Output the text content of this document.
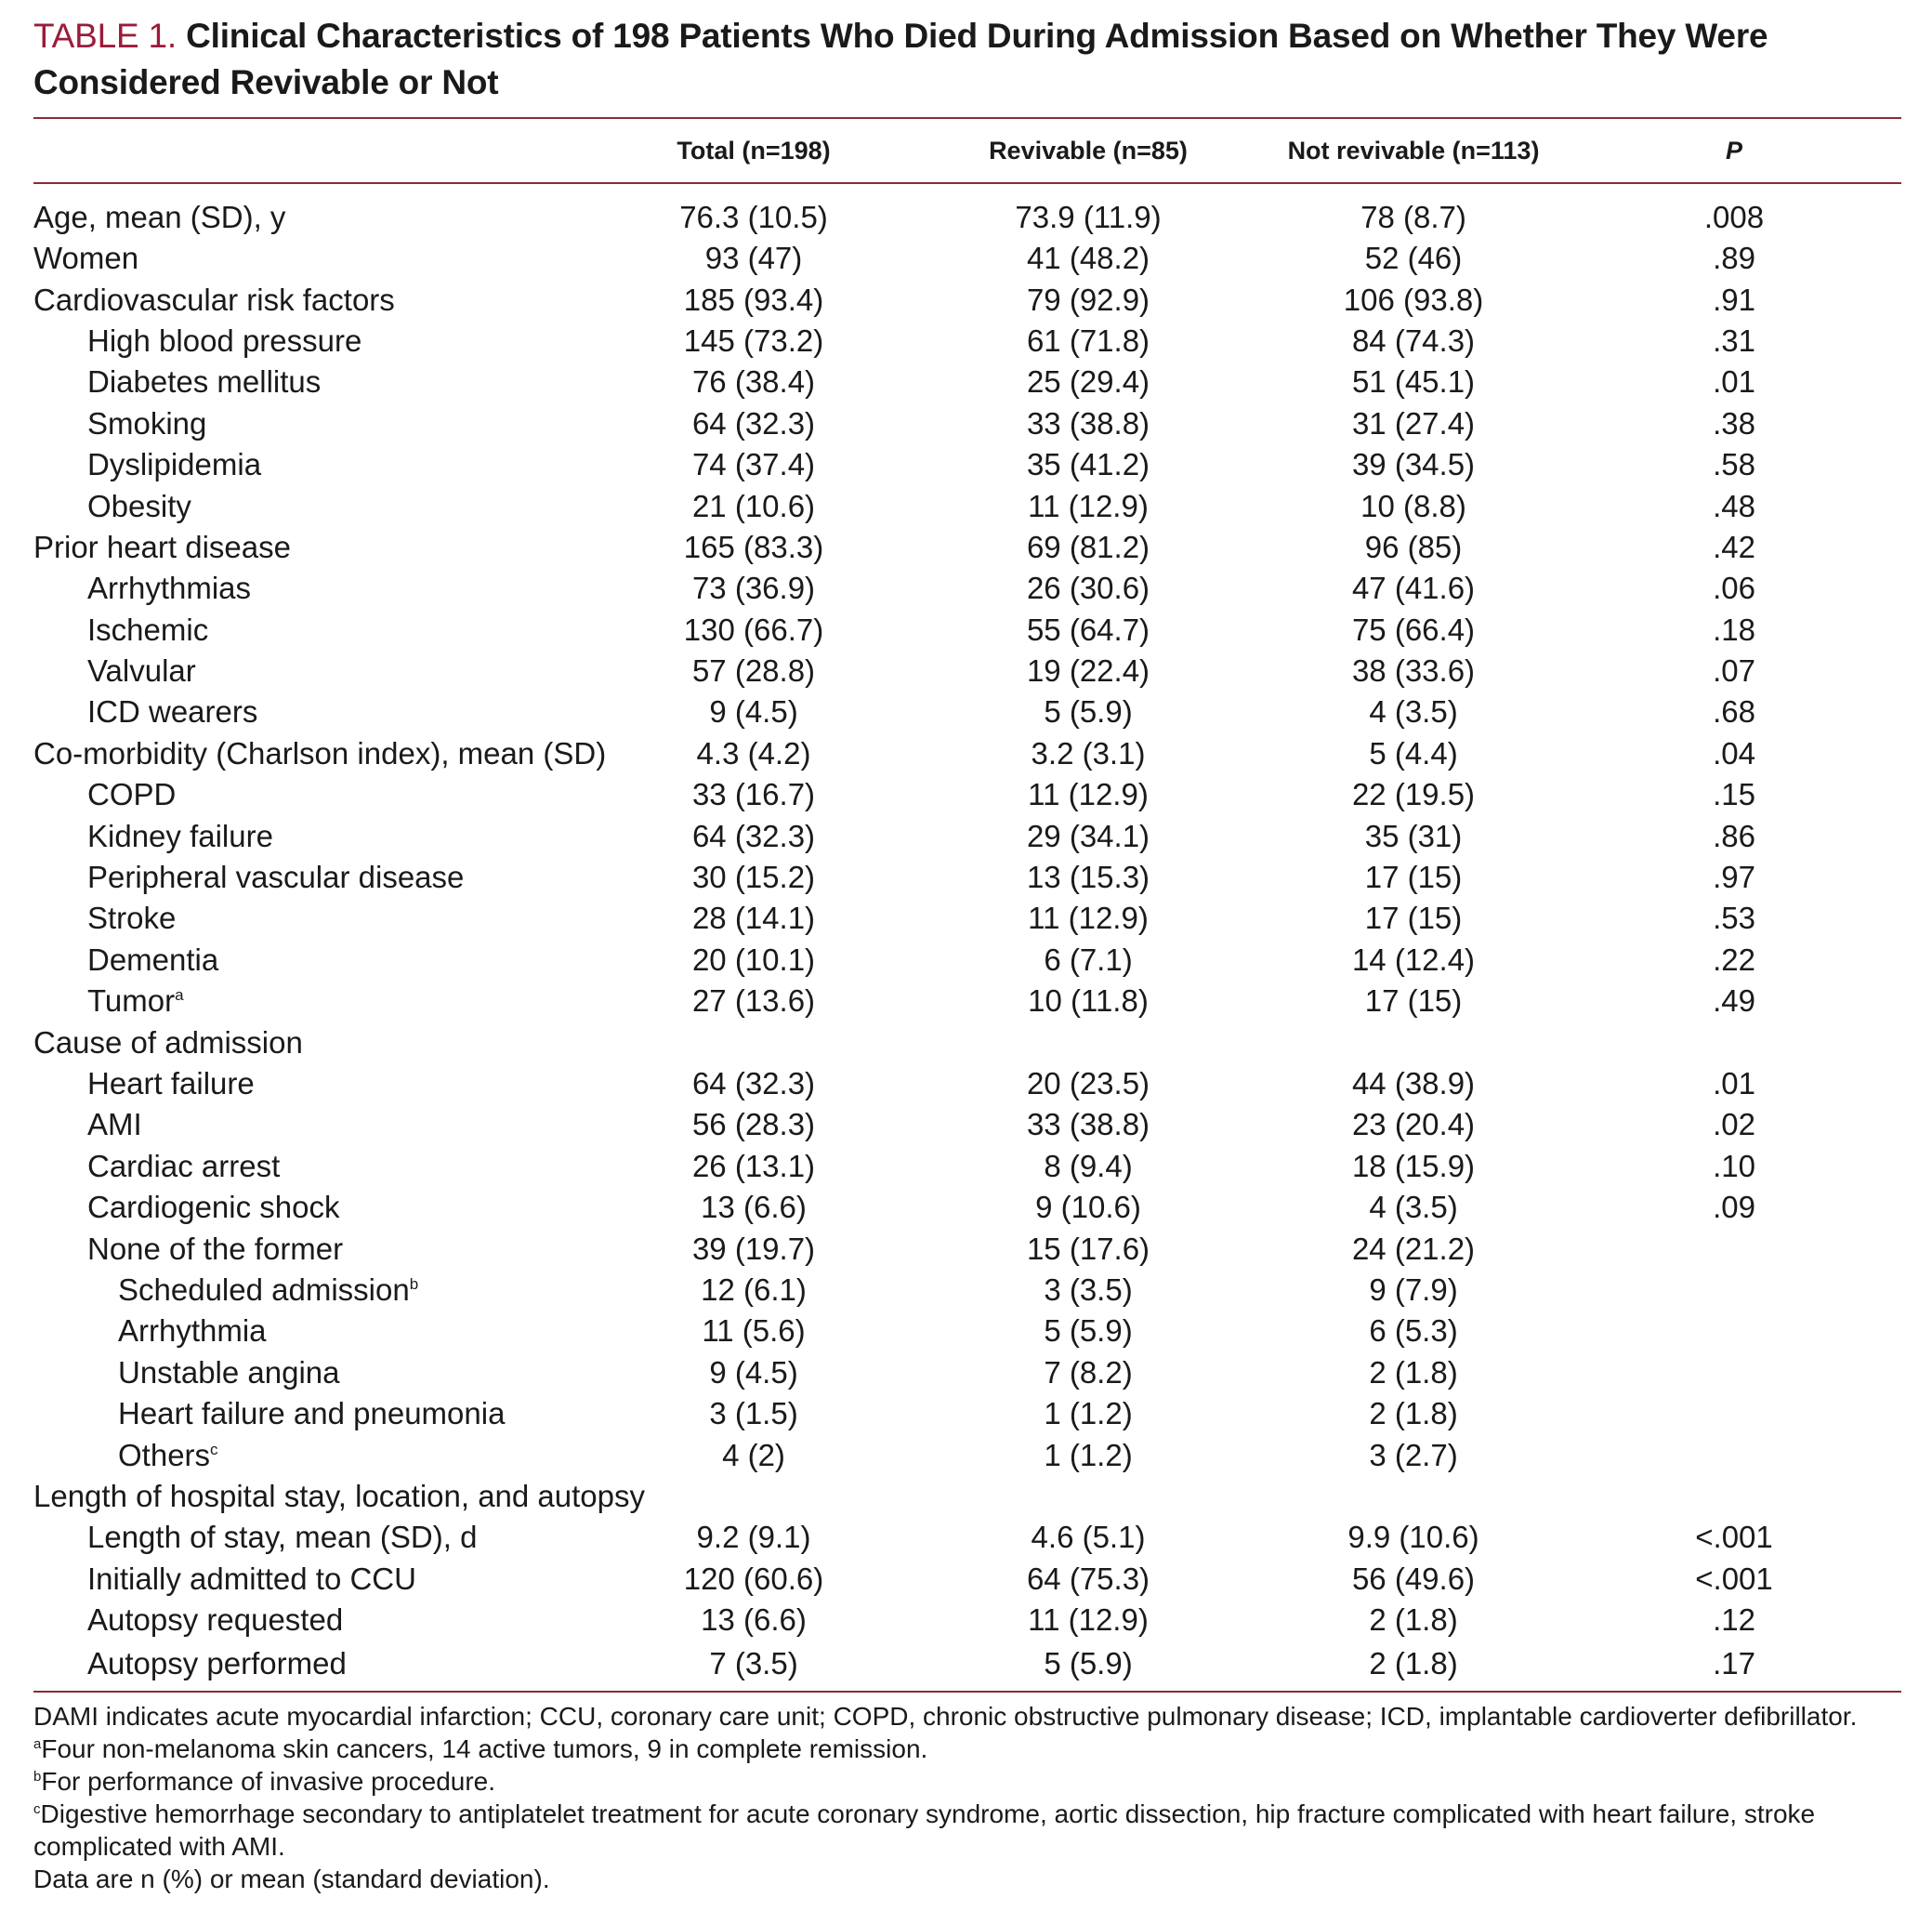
TABLE 1. Clinical Characteristics of 198 Patients Who Died During Admission Based on Whether They Were Considered Revivable or Not
	Total (n=198)	Revivable (n=85)	Not revivable (n=113)	P
Age, mean (SD), y	76.3 (10.5)	73.9 (11.9)	78 (8.7)	.008
Women	93 (47)	41 (48.2)	52 (46)	.89
Cardiovascular risk factors	185 (93.4)	79 (92.9)	106 (93.8)	.91
High blood pressure	145 (73.2)	61 (71.8)	84 (74.3)	.31
Diabetes mellitus	76 (38.4)	25 (29.4)	51 (45.1)	.01
Smoking	64 (32.3)	33 (38.8)	31 (27.4)	.38
Dyslipidemia	74 (37.4)	35 (41.2)	39 (34.5)	.58
Obesity	21 (10.6)	11 (12.9)	10 (8.8)	.48
Prior heart disease	165 (83.3)	69 (81.2)	96 (85)	.42
Arrhythmias	73 (36.9)	26 (30.6)	47 (41.6)	.06
Ischemic	130 (66.7)	55 (64.7)	75 (66.4)	.18
Valvular	57 (28.8)	19 (22.4)	38 (33.6)	.07
ICD wearers	9 (4.5)	5 (5.9)	4 (3.5)	.68
Co-morbidity (Charlson index), mean (SD)	4.3 (4.2)	3.2 (3.1)	5 (4.4)	.04
COPD	33 (16.7)	11 (12.9)	22 (19.5)	.15
Kidney failure	64 (32.3)	29 (34.1)	35 (31)	.86
Peripheral vascular disease	30 (15.2)	13 (15.3)	17 (15)	.97
Stroke	28 (14.1)	11 (12.9)	17 (15)	.53
Dementia	20 (10.1)	6 (7.1)	14 (12.4)	.22
Tumor$^a$	27 (13.6)	10 (11.8)	17 (15)	.49
Cause of admission				
Heart failure	64 (32.3)	20 (23.5)	44 (38.9)	.01
AMI	56 (28.3)	33 (38.8)	23 (20.4)	.02
Cardiac arrest	26 (13.1)	8 (9.4)	18 (15.9)	.10
Cardiogenic shock	13 (6.6)	9 (10.6)	4 (3.5)	.09
None of the former	39 (19.7)	15 (17.6)	24 (21.2)	
Scheduled admission$^b$	12 (6.1)	3 (3.5)	9 (7.9)	
Arrhythmia	11 (5.6)	5 (5.9)	6 (5.3)	
Unstable angina	9 (4.5)	7 (8.2)	2 (1.8)	
Heart failure and pneumonia	3 (1.5)	1 (1.2)	2 (1.8)	
Others$^c$	4 (2)	1 (1.2)	3 (2.7)	
Length of hospital stay, location, and autopsy				
Length of stay, mean (SD), d	9.2 (9.1)	4.6 (5.1)	9.9 (10.6)	<.001
Initially admitted to CCU	120 (60.6)	64 (75.3)	56 (49.6)	<.001
Autopsy requested	13 (6.6)	11 (12.9)	2 (1.8)	.12
Autopsy performed	7 (3.5)	5 (5.9)	2 (1.8)	.17

DAMI indicates acute myocardial infarction; CCU, coronary care unit; COPD, chronic obstructive pulmonary disease; ICD, implantable cardioverter defibrillator.

$^a$Four non-melanoma skin cancers, 14 active tumors, 9 in complete remission.

$^b$For performance of invasive procedure.

$^c$Digestive hemorrhage secondary to antiplatelet treatment for acute coronary syndrome, aortic dissection, hip fracture complicated with heart failure, stroke complicated with AMI.

Data are n (%) or mean (standard deviation).
